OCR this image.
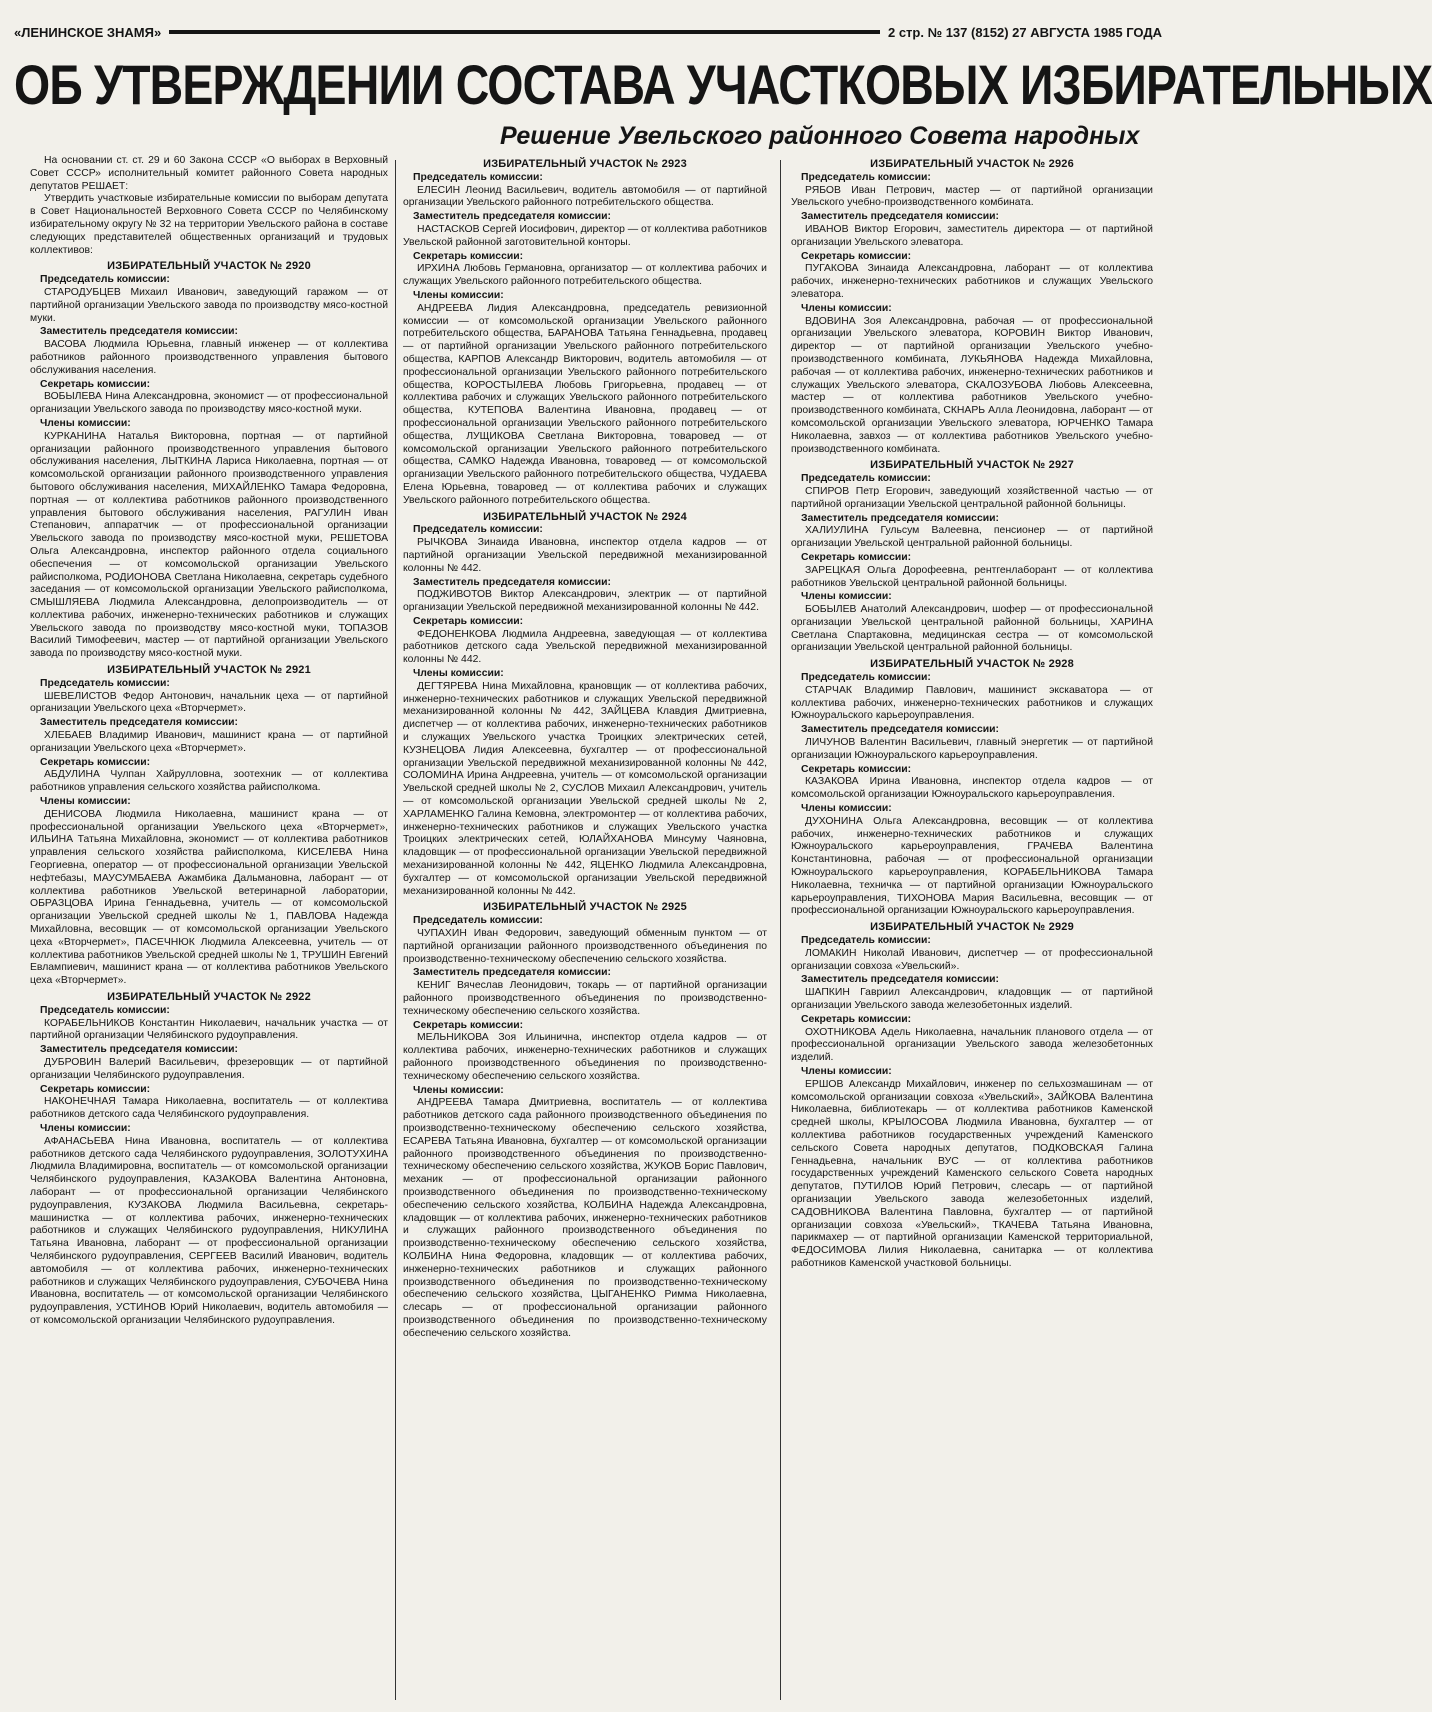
«ЛЕНИНСКОЕ ЗНАМЯ»	2 стр. № 137 (8152) 27 АВГУСТА 1985 ГОДА
ОБ УТВЕРЖДЕНИИ СОСТАВА УЧАСТКОВЫХ ИЗБИРАТЕЛЬНЫХ
Решение Увельского районного Совета народных

На основании ст. ст. 29 и 60 Закона СССР «О выборах в Верховный Совет СССР» исполнительный комитет районного Совета народных депутатов РЕШАЕТ:

Утвердить участковые избирательные комиссии по выборам депутата в Совет Национальностей Верховного Совета СССР по Челябинскому избирательному округу № 32 на территории Увельского района в составе следующих представителей общественных организаций и трудовых коллективов:

ИЗБИРАТЕЛЬНЫЙ УЧАСТОК № 2920
Председатель комиссии:

СТАРОДУБЦЕВ Михаил Иванович, заведующий гаражом — от партийной организации Увельского завода по производству мясо-костной муки.

Заместитель председателя комиссии:

ВАСОВА Людмила Юрьевна, главный инженер — от коллектива работников районного производственного управления бытового обслуживания населения.

Секретарь комиссии:

ВОБЫЛЕВА Нина Александровна, экономист — от профессиональной организации Увельского завода по производству мясо-костной муки.

Члены комиссии:

КУРКАНИНА Наталья Викторовна, портная — от партийной организации районного производственного управления бытового обслуживания населения, ЛЫТКИНА Лариса Николаевна, портная — от комсомольской организации районного производственного управления бытового обслуживания населения, МИХАЙЛЕНКО Тамара Федоровна, портная — от коллектива работников районного производственного управления бытового обслуживания населения, РАГУЛИН Иван Степанович, аппаратчик — от профессиональной организации Увельского завода по производству мясо-костной муки, РЕШЕТОВА Ольга Александровна, инспектор районного отдела социального обеспечения — от комсомольской организации Увельского райисполкома, РОДИОНОВА Светлана Николаевна, секретарь судебного заседания — от комсомольской организации Увельского райисполкома, СМЫШЛЯЕВА Людмила Александровна, делопроизводитель — от коллектива рабочих, инженерно-технических работников и служащих Увельского завода по производству мясо-костной муки, ТОПАЗОВ Василий Тимофеевич, мастер — от партийной организации Увельского завода по производству мясо-костной муки.

ИЗБИРАТЕЛЬНЫЙ УЧАСТОК № 2921
Председатель комиссии:

ШЕВЕЛИСТОВ Федор Антонович, начальник цеха — от партийной организации Увельского цеха «Вторчермет».

Заместитель председателя комиссии:

ХЛЕБАЕВ Владимир Иванович, машинист крана — от партийной организации Увельского цеха «Вторчермет».

Секретарь комиссии:

АБДУЛИНА Чулпан Хайрулловна, зоотехник — от коллектива работников управления сельского хозяйства райисполкома.

Члены комиссии:

ДЕНИСОВА Людмила Николаевна, машинист крана — от профессиональной организации Увельского цеха «Вторчермет», ИЛЬИНА Татьяна Михайловна, экономист — от коллектива работников управления сельского хозяйства райисполкома, КИСЕЛЕВА Нина Георгиевна, оператор — от профессиональной организации Увельской нефтебазы, МАУСУМБАЕВА Ажамбика Дальмановна, лаборант — от коллектива работников Увельской ветеринарной лаборатории, ОБРАЗЦОВА Ирина Геннадьевна, учитель — от комсомольской организации Увельской средней школы № 1, ПАВЛОВА Надежда Михайловна, весовщик — от комсомольской организации Увельского цеха «Вторчермет», ПАСЕЧНЮК Людмила Алексеевна, учитель — от коллектива работников Увельской средней школы № 1, ТРУШИН Евгений Евлампиевич, машинист крана — от коллектива работников Увельского цеха «Вторчермет».

ИЗБИРАТЕЛЬНЫЙ УЧАСТОК № 2922
Председатель комиссии:

КОРАБЕЛЬНИКОВ Константин Николаевич, начальник участка — от партийной организации Челябинского рудоуправления.

Заместитель председателя комиссии:

ДУБРОВИН Валерий Васильевич, фрезеровщик — от партийной организации Челябинского рудоуправления.

Секретарь комиссии:

НАКОНЕЧНАЯ Тамара Николаевна, воспитатель — от коллектива работников детского сада Челябинского рудоуправления.

Члены комиссии:

АФАНАСЬЕВА Нина Ивановна, воспитатель — от коллектива работников детского сада Челябинского рудоуправления, ЗОЛОТУХИНА Людмила Владимировна, воспитатель — от комсомольской организации Челябинского рудоуправления, КАЗАКОВА Валентина Антоновна, лаборант — от профессиональной организации Челябинского рудоуправления, КУЗАКОВА Людмила Васильевна, секретарь-машинистка — от коллектива рабочих, инженерно-технических работников и служащих Челябинского рудоуправления, НИКУЛИНА Татьяна Ивановна, лаборант — от профессиональной организации Челябинского рудоуправления, СЕРГЕЕВ Василий Иванович, водитель автомобиля — от коллектива рабочих, инженерно-технических работников и служащих Челябинского рудоуправления, СУБОЧЕВА Нина Ивановна, воспитатель — от комсомольской организации Челябинского рудоуправления, УСТИНОВ Юрий Николаевич, водитель автомобиля — от комсомольской организации Челябинского рудоуправления.

ИЗБИРАТЕЛЬНЫЙ УЧАСТОК № 2923
Председатель комиссии:

ЕЛЕСИН Леонид Васильевич, водитель автомобиля — от партийной организации Увельского районного потребительского общества.

Заместитель председателя комиссии:

НАСТАСКОВ Сергей Иосифович, директор — от коллектива работников Увельской районной заготовительной конторы.

Секретарь комиссии:

ИРХИНА Любовь Германовна, организатор — от коллектива рабочих и служащих Увельского районного потребительского общества.

Члены комиссии:

АНДРЕЕВА Лидия Александровна, председатель ревизионной комиссии — от комсомольской организации Увельского районного потребительского общества, БАРАНОВА Татьяна Геннадьевна, продавец — от партийной организации Увельского районного потребительского общества, КАРПОВ Александр Викторович, водитель автомобиля — от профессиональной организации Увельского районного потребительского общества, КОРОСТЫЛЕВА Любовь Григорьевна, продавец — от коллектива рабочих и служащих Увельского районного потребительского общества, КУТЕПОВА Валентина Ивановна, продавец — от профессиональной организации Увельского районного потребительского общества, ЛУЩИКОВА Светлана Викторовна, товаровед — от комсомольской организации Увельского районного потребительского общества, САМКО Надежда Ивановна, товаровед — от комсомольской организации Увельского районного потребительского общества, ЧУДАЕВА Елена Юрьевна, товаровед — от коллектива рабочих и служащих Увельского районного потребительского общества.

ИЗБИРАТЕЛЬНЫЙ УЧАСТОК № 2924
Председатель комиссии:

РЫЧКОВА Зинаида Ивановна, инспектор отдела кадров — от партийной организации Увельской передвижной механизированной колонны № 442.

Заместитель председателя комиссии:

ПОДЖИВОТОВ Виктор Александрович, электрик — от партийной организации Увельской передвижной механизированной колонны № 442.

Секретарь комиссии:

ФЕДОНЕНКОВА Людмила Андреевна, заведующая — от коллектива работников детского сада Увельской передвижной механизированной колонны № 442.

Члены комиссии:

ДЕГТЯРЕВА Нина Михайловна, крановщик — от коллектива рабочих, инженерно-технических работников и служащих Увельской передвижной механизированной колонны № 442, ЗАЙЦЕВА Клавдия Дмитриевна, диспетчер — от коллектива рабочих, инженерно-технических работников и служащих Увельского участка Троицких электрических сетей, КУЗНЕЦОВА Лидия Алексеевна, бухгалтер — от профессиональной организации Увельской передвижной механизированной колонны № 442, СОЛОМИНА Ирина Андреевна, учитель — от комсомольской организации Увельской средней школы № 2, СУСЛОВ Михаил Александрович, учитель — от комсомольской организации Увельской средней школы № 2, ХАРЛАМЕНКО Галина Кемовна, электромонтер — от коллектива рабочих, инженерно-технических работников и служащих Увельского участка Троицких электрических сетей, ЮЛАЙХАНОВА Минсуму Чаяновна, кладовщик — от профессиональной организации Увельской передвижной механизированной колонны № 442, ЯЦЕНКО Людмила Александровна, бухгалтер — от комсомольской организации Увельской передвижной механизированной колонны № 442.

ИЗБИРАТЕЛЬНЫЙ УЧАСТОК № 2925
Председатель комиссии:

ЧУПАХИН Иван Федорович, заведующий обменным пунктом — от партийной организации районного производственного объединения по производственно-техническому обеспечению сельского хозяйства.

Заместитель председателя комиссии:

КЕНИГ Вячеслав Леонидович, токарь — от партийной организации районного производственного объединения по производственно-техническому обеспечению сельского хозяйства.

Секретарь комиссии:

МЕЛЬНИКОВА Зоя Ильинична, инспектор отдела кадров — от коллектива рабочих, инженерно-технических работников и служащих районного производственного объединения по производственно-техническому обеспечению сельского хозяйства.

Члены комиссии:

АНДРЕЕВА Тамара Дмитриевна, воспитатель — от коллектива работников детского сада районного производственного объединения по производственно-техническому обеспечению сельского хозяйства, ЕСАРЕВА Татьяна Ивановна, бухгалтер — от комсомольской организации районного производственного объединения по производственно-техническому обеспечению сельского хозяйства, ЖУКОВ Борис Павлович, механик — от профессиональной организации районного производственного объединения по производственно-техническому обеспечению сельского хозяйства, КОЛБИНА Надежда Александровна, кладовщик — от коллектива рабочих, инженерно-технических работников и служащих районного производственного объединения по производственно-техническому обеспечению сельского хозяйства, КОЛБИНА Нина Федоровна, кладовщик — от коллектива рабочих, инженерно-технических работников и служащих районного производственного объединения по производственно-техническому обеспечению сельского хозяйства, ЦЫГАНЕНКО Римма Николаевна, слесарь — от профессиональной организации районного производственного объединения по производственно-техническому обеспечению сельского хозяйства.

ИЗБИРАТЕЛЬНЫЙ УЧАСТОК № 2926
Председатель комиссии:

РЯБОВ Иван Петрович, мастер — от партийной организации Увельского учебно-производственного комбината.

Заместитель председателя комиссии:

ИВАНОВ Виктор Егорович, заместитель директора — от партийной организации Увельского элеватора.

Секретарь комиссии:

ПУГАКОВА Зинаида Александровна, лаборант — от коллектива рабочих, инженерно-технических работников и служащих Увельского элеватора.

Члены комиссии:

ВДОВИНА Зоя Александровна, рабочая — от профессиональной организации Увельского элеватора, КОРОВИН Виктор Иванович, директор — от партийной организации Увельского учебно-производственного комбината, ЛУКЬЯНОВА Надежда Михайловна, рабочая — от коллектива рабочих, инженерно-технических работников и служащих Увельского элеватора, СКАЛОЗУБОВА Любовь Алексеевна, мастер — от коллектива работников Увельского учебно-производственного комбината, СКНАРЬ Алла Леонидовна, лаборант — от комсомольской организации Увельского элеватора, ЮРЧЕНКО Тамара Николаевна, завхоз — от коллектива работников Увельского учебно-производственного комбината.

ИЗБИРАТЕЛЬНЫЙ УЧАСТОК № 2927
Председатель комиссии:

СПИРОВ Петр Егорович, заведующий хозяйственной частью — от партийной организации Увельской центральной районной больницы.

Заместитель председателя комиссии:

ХАЛИУЛИНА Гульсум Валеевна, пенсионер — от партийной организации Увельской центральной районной больницы.

Секретарь комиссии:

ЗАРЕЦКАЯ Ольга Дорофеевна, рентгенлаборант — от коллектива работников Увельской центральной районной больницы.

Члены комиссии:

БОБЫЛЕВ Анатолий Александрович, шофер — от профессиональной организации Увельской центральной районной больницы, ХАРИНА Светлана Спартаковна, медицинская сестра — от комсомольской организации Увельской центральной районной больницы.

ИЗБИРАТЕЛЬНЫЙ УЧАСТОК № 2928
Председатель комиссии:

СТАРЧАК Владимир Павлович, машинист экскаватора — от коллектива рабочих, инженерно-технических работников и служащих Южноуральского карьероуправления.

Заместитель председателя комиссии:

ЛИЧУНОВ Валентин Васильевич, главный энергетик — от партийной организации Южноуральского карьероуправления.

Секретарь комиссии:

КАЗАКОВА Ирина Ивановна, инспектор отдела кадров — от комсомольской организации Южноуральского карьероуправления.

Члены комиссии:

ДУХОНИНА Ольга Александровна, весовщик — от коллектива рабочих, инженерно-технических работников и служащих Южноуральского карьероуправления, ГРАЧЕВА Валентина Константиновна, рабочая — от профессиональной организации Южноуральского карьероуправления, КОРАБЕЛЬНИКОВА Тамара Николаевна, техничка — от партийной организации Южноуральского карьероуправления, ТИХОНОВА Мария Васильевна, весовщик — от профессиональной организации Южноуральского карьероуправления.

ИЗБИРАТЕЛЬНЫЙ УЧАСТОК № 2929
Председатель комиссии:

ЛОМАКИН Николай Иванович, диспетчер — от профессиональной организации совхоза «Увельский».

Заместитель председателя комиссии:

ШАПКИН Гавриил Александрович, кладовщик — от партийной организации Увельского завода железобетонных изделий.

Секретарь комиссии:

ОХОТНИКОВА Адель Николаевна, начальник планового отдела — от профессиональной организации Увельского завода железобетонных изделий.

Члены комиссии:

ЕРШОВ Александр Михайлович, инженер по сельхозмашинам — от комсомольской организации совхоза «Увельский», ЗАЙКОВА Валентина Николаевна, библиотекарь — от коллектива работников Каменской средней школы, КРЫЛОСОВА Людмила Ивановна, бухгалтер — от коллектива работников государственных учреждений Каменского сельского Совета народных депутатов, ПОДКОВСКАЯ Галина Геннадьевна, начальник ВУС — от коллектива работников государственных учреждений Каменского сельского Совета народных депутатов, ПУТИЛОВ Юрий Петрович, слесарь — от партийной организации Увельского завода железобетонных изделий, САДОВНИКОВА Валентина Павловна, бухгалтер — от партийной организации совхоза «Увельский», ТКАЧЕВА Татьяна Ивановна, парикмахер — от партийной организации Каменской территориальной, ФЕДОСИМОВА Лилия Николаевна, санитарка — от коллектива работников Каменской участковой больницы.
